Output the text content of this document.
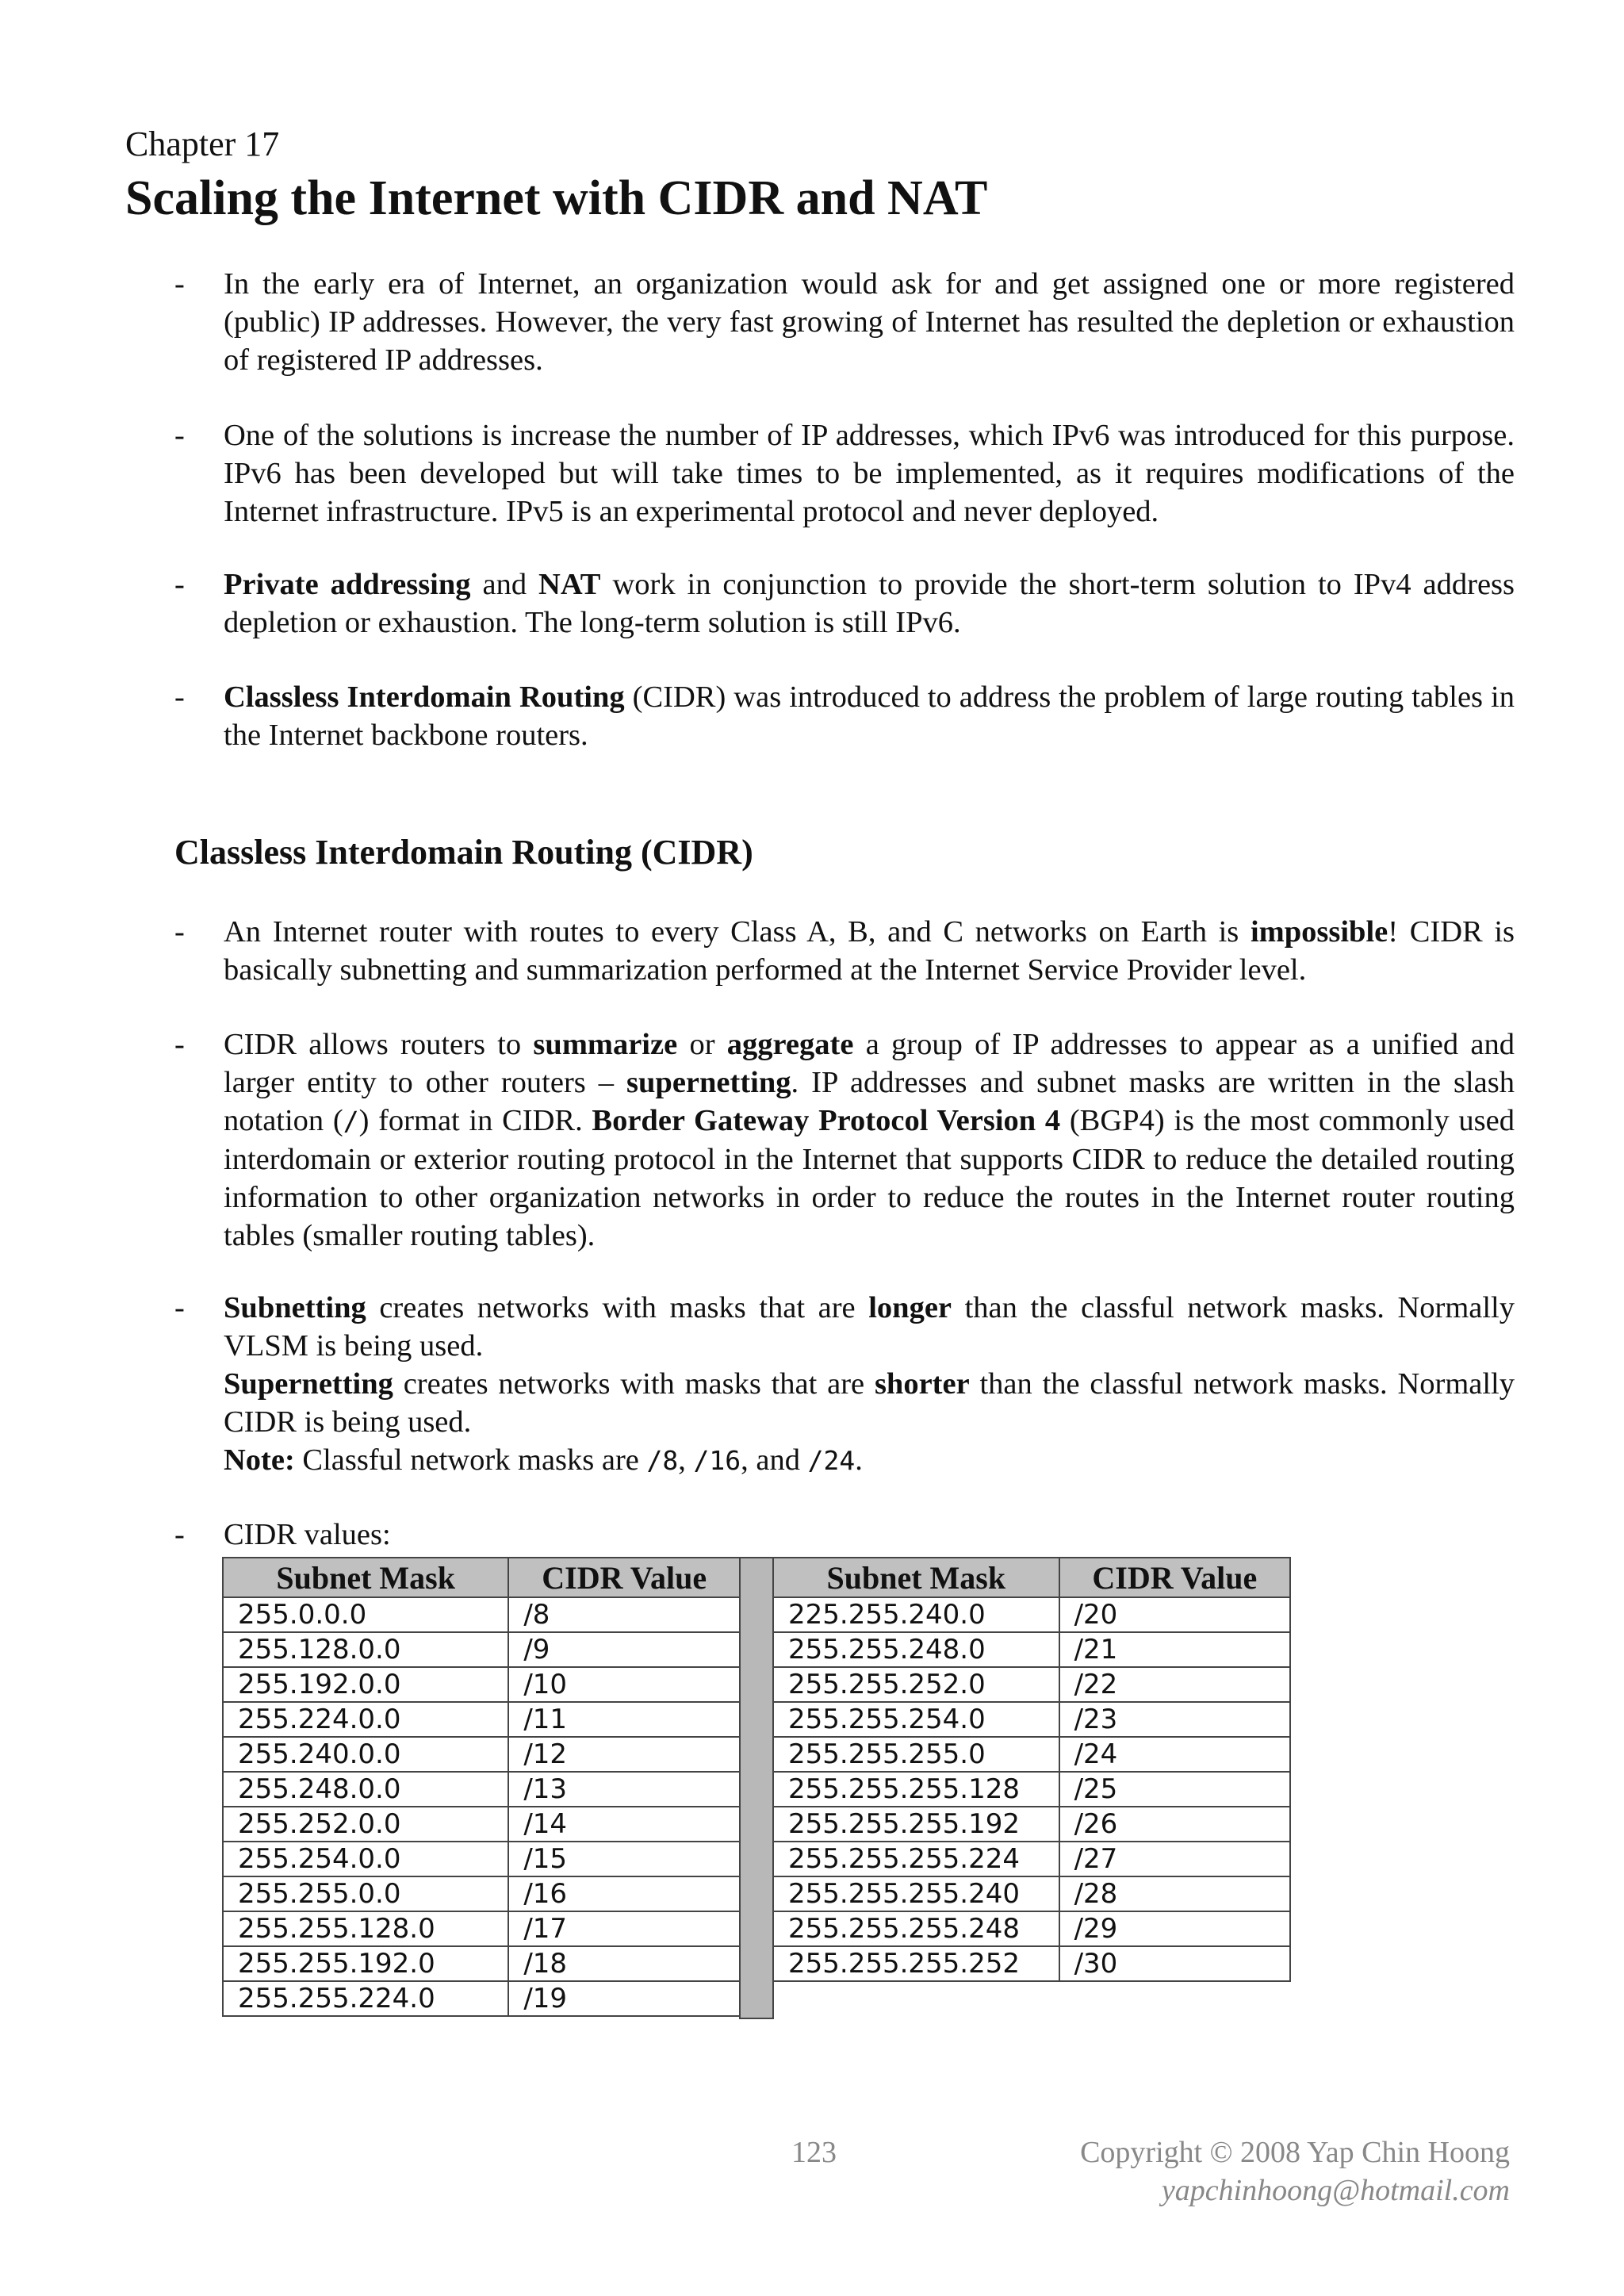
Chapter 17
Scaling the Internet with CIDR and NAT
- In the early era of Internet, an organization would ask for and get assigned one or more registered (public) IP addresses. However, the very fast growing of Internet has resulted the depletion or exhaustion of registered IP addresses.
- One of the solutions is increase the number of IP addresses, which IPv6 was introduced for this purpose. IPv6 has been developed but will take times to be implemented, as it requires modifications of the Internet infrastructure. IPv5 is an experimental protocol and never deployed.
- Private addressing and NAT work in conjunction to provide the short-term solution to IPv4 address depletion or exhaustion. The long-term solution is still IPv6.
- Classless Interdomain Routing (CIDR) was introduced to address the problem of large routing tables in the Internet backbone routers.
Classless Interdomain Routing (CIDR)
- An Internet router with routes to every Class A, B, and C networks on Earth is impossible! CIDR is basically subnetting and summarization performed at the Internet Service Provider level.
- CIDR allows routers to summarize or aggregate a group of IP addresses to appear as a unified and larger entity to other routers – supernetting. IP addresses and subnet masks are written in the slash notation (/) format in CIDR. Border Gateway Protocol Version 4 (BGP4) is the most commonly used interdomain or exterior routing protocol in the Internet that supports CIDR to reduce the detailed routing information to other organization networks in order to reduce the routes in the Internet router routing tables (smaller routing tables).
- Subnetting creates networks with masks that are longer than the classful network masks. Normally VLSM is being used.

Supernetting creates networks with masks that are shorter than the classful network masks. Normally CIDR is being used.

Note: Classful network masks are /8, /16, and /24.

- CIDR values:
Subnet Mask	CIDR Value
255.0.0.0	/8
255.128.0.0	/9
255.192.0.0	/10
255.224.0.0	/11
255.240.0.0	/12
255.248.0.0	/13
255.252.0.0	/14
255.254.0.0	/15
255.255.0.0	/16
255.255.128.0	/17
255.255.192.0	/18
255.255.224.0	/19
Subnet Mask	CIDR Value
225.255.240.0	/20
255.255.248.0	/21
255.255.252.0	/22
255.255.254.0	/23
255.255.255.0	/24
255.255.255.128	/25
255.255.255.192	/26
255.255.255.224	/27
255.255.255.240	/28
255.255.255.248	/29
255.255.255.252	/30
123	Copyright © 2008 Yap Chin Hoong
yapchinhoong@hotmail.com
